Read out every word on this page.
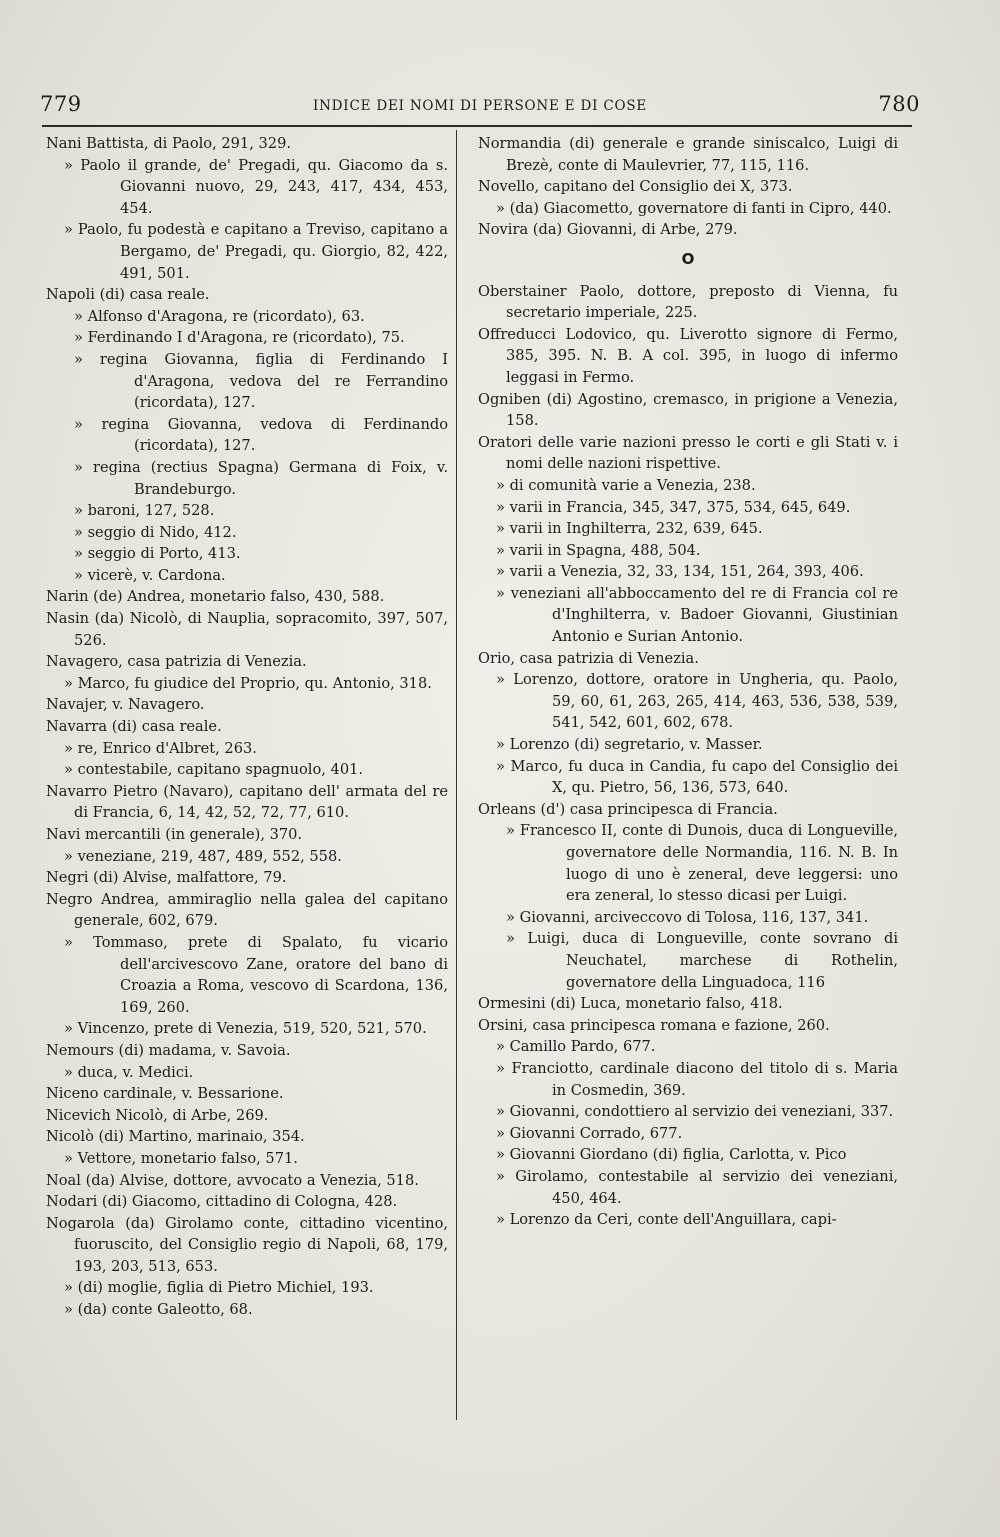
779	INDICE DEI NOMI DI PERSONE E DI COSE	780
Nani Battista, di Paolo, 291, 329.
» Paolo il grande, de' Pregadi, qu. Giacomo da s. Giovanni nuovo, 29, 243, 417, 434, 453, 454.
» Paolo, fu podestà e capitano a Treviso, capitano a Bergamo, de' Pregadi, qu. Giorgio, 82, 422, 491, 501.
Napoli (di) casa reale.
» Alfonso d'Aragona, re (ricordato), 63.
» Ferdinando I d'Aragona, re (ricordato), 75.
» regina Giovanna, figlia di Ferdinando I d'Aragona, vedova del re Ferrandino (ricordata), 127.
» regina Giovanna, vedova di Ferdinando (ricordata), 127.
» regina (rectius Spagna) Germana di Foix, v. Brandeburgo.
» baroni, 127, 528.
» seggio di Nido, 412.
» seggio di Porto, 413.
» vicerè, v. Cardona.
Narin (de) Andrea, monetario falso, 430, 588.
Nasin (da) Nicolò, di Nauplia, sopracomito, 397, 507, 526.
Navagero, casa patrizia di Venezia.
» Marco, fu giudice del Proprio, qu. Antonio, 318.
Navajer, v. Navagero.
Navarra (di) casa reale.
» re, Enrico d'Albret, 263.
» contestabile, capitano spagnuolo, 401.
Navarro Pietro (Navaro), capitano dell' armata del re di Francia, 6, 14, 42, 52, 72, 77, 610.
Navi mercantili (in generale), 370.
» veneziane, 219, 487, 489, 552, 558.
Negri (di) Alvise, malfattore, 79.
Negro Andrea, ammiraglio nella galea del capitano generale, 602, 679.
» Tommaso, prete di Spalato, fu vicario dell'arcivescovo Zane, oratore del bano di Croazia a Roma, vescovo di Scardona, 136, 169, 260.
» Vincenzo, prete di Venezia, 519, 520, 521, 570.
Nemours (di) madama, v. Savoia.
» duca, v. Medici.
Niceno cardinale, v. Bessarione.
Nicevich Nicolò, di Arbe, 269.
Nicolò (di) Martino, marinaio, 354.
» Vettore, monetario falso, 571.
Noal (da) Alvise, dottore, avvocato a Venezia, 518.
Nodari (di) Giacomo, cittadino di Cologna, 428.
Nogarola (da) Girolamo conte, cittadino vicentino, fuoruscito, del Consiglio regio di Napoli, 68, 179, 193, 203, 513, 653.
» (di) moglie, figlia di Pietro Michiel, 193.
» (da) conte Galeotto, 68.
Normandia (di) generale e grande siniscalco, Luigi di Brezè, conte di Maulevrier, 77, 115, 116.
Novello, capitano del Consiglio dei X, 373.
» (da) Giacometto, governatore di fanti in Cipro, 440.
Novira (da) Giovanni, di Arbe, 279.
O
Oberstainer Paolo, dottore, preposto di Vienna, fu secretario imperiale, 225.
Offreducci Lodovico, qu. Liverotto signore di Fermo, 385, 395. N. B. A col. 395, in luogo di infermo leggasi in Fermo.
Ogniben (di) Agostino, cremasco, in prigione a Venezia, 158.
Oratori delle varie nazioni presso le corti e gli Stati v. i nomi delle nazioni rispettive.
» di comunità varie a Venezia, 238.
» varii in Francia, 345, 347, 375, 534, 645, 649.
» varii in Inghilterra, 232, 639, 645.
» varii in Spagna, 488, 504.
» varii a Venezia, 32, 33, 134, 151, 264, 393, 406.
» veneziani all'abboccamento del re di Francia col re d'Inghilterra, v. Badoer Giovanni, Giustinian Antonio e Surian Antonio.
Orio, casa patrizia di Venezia.
» Lorenzo, dottore, oratore in Ungheria, qu. Paolo, 59, 60, 61, 263, 265, 414, 463, 536, 538, 539, 541, 542, 601, 602, 678.
» Lorenzo (di) segretario, v. Masser.
» Marco, fu duca in Candia, fu capo del Consiglio dei X, qu. Pietro, 56, 136, 573, 640.
Orleans (d') casa principesca di Francia.
» Francesco II, conte di Dunois, duca di Longueville, governatore delle Normandia, 116. N. B. In luogo di uno è zeneral, deve leggersi: uno era zeneral, lo stesso dicasi per Luigi.
» Giovanni, arciveccovo di Tolosa, 116, 137, 341.
» Luigi, duca di Longueville, conte sovrano di Neuchatel, marchese di Rothelin, governatore della Linguadoca, 116
Ormesini (di) Luca, monetario falso, 418.
Orsini, casa principesca romana e fazione, 260.
» Camillo Pardo, 677.
» Franciotto, cardinale diacono del titolo di s. Maria in Cosmedin, 369.
» Giovanni, condottiero al servizio dei veneziani, 337.
» Giovanni Corrado, 677.
» Giovanni Giordano (di) figlia, Carlotta, v. Pico
» Girolamo, contestabile al servizio dei veneziani, 450, 464.
» Lorenzo da Ceri, conte dell'Anguillara, capi-
